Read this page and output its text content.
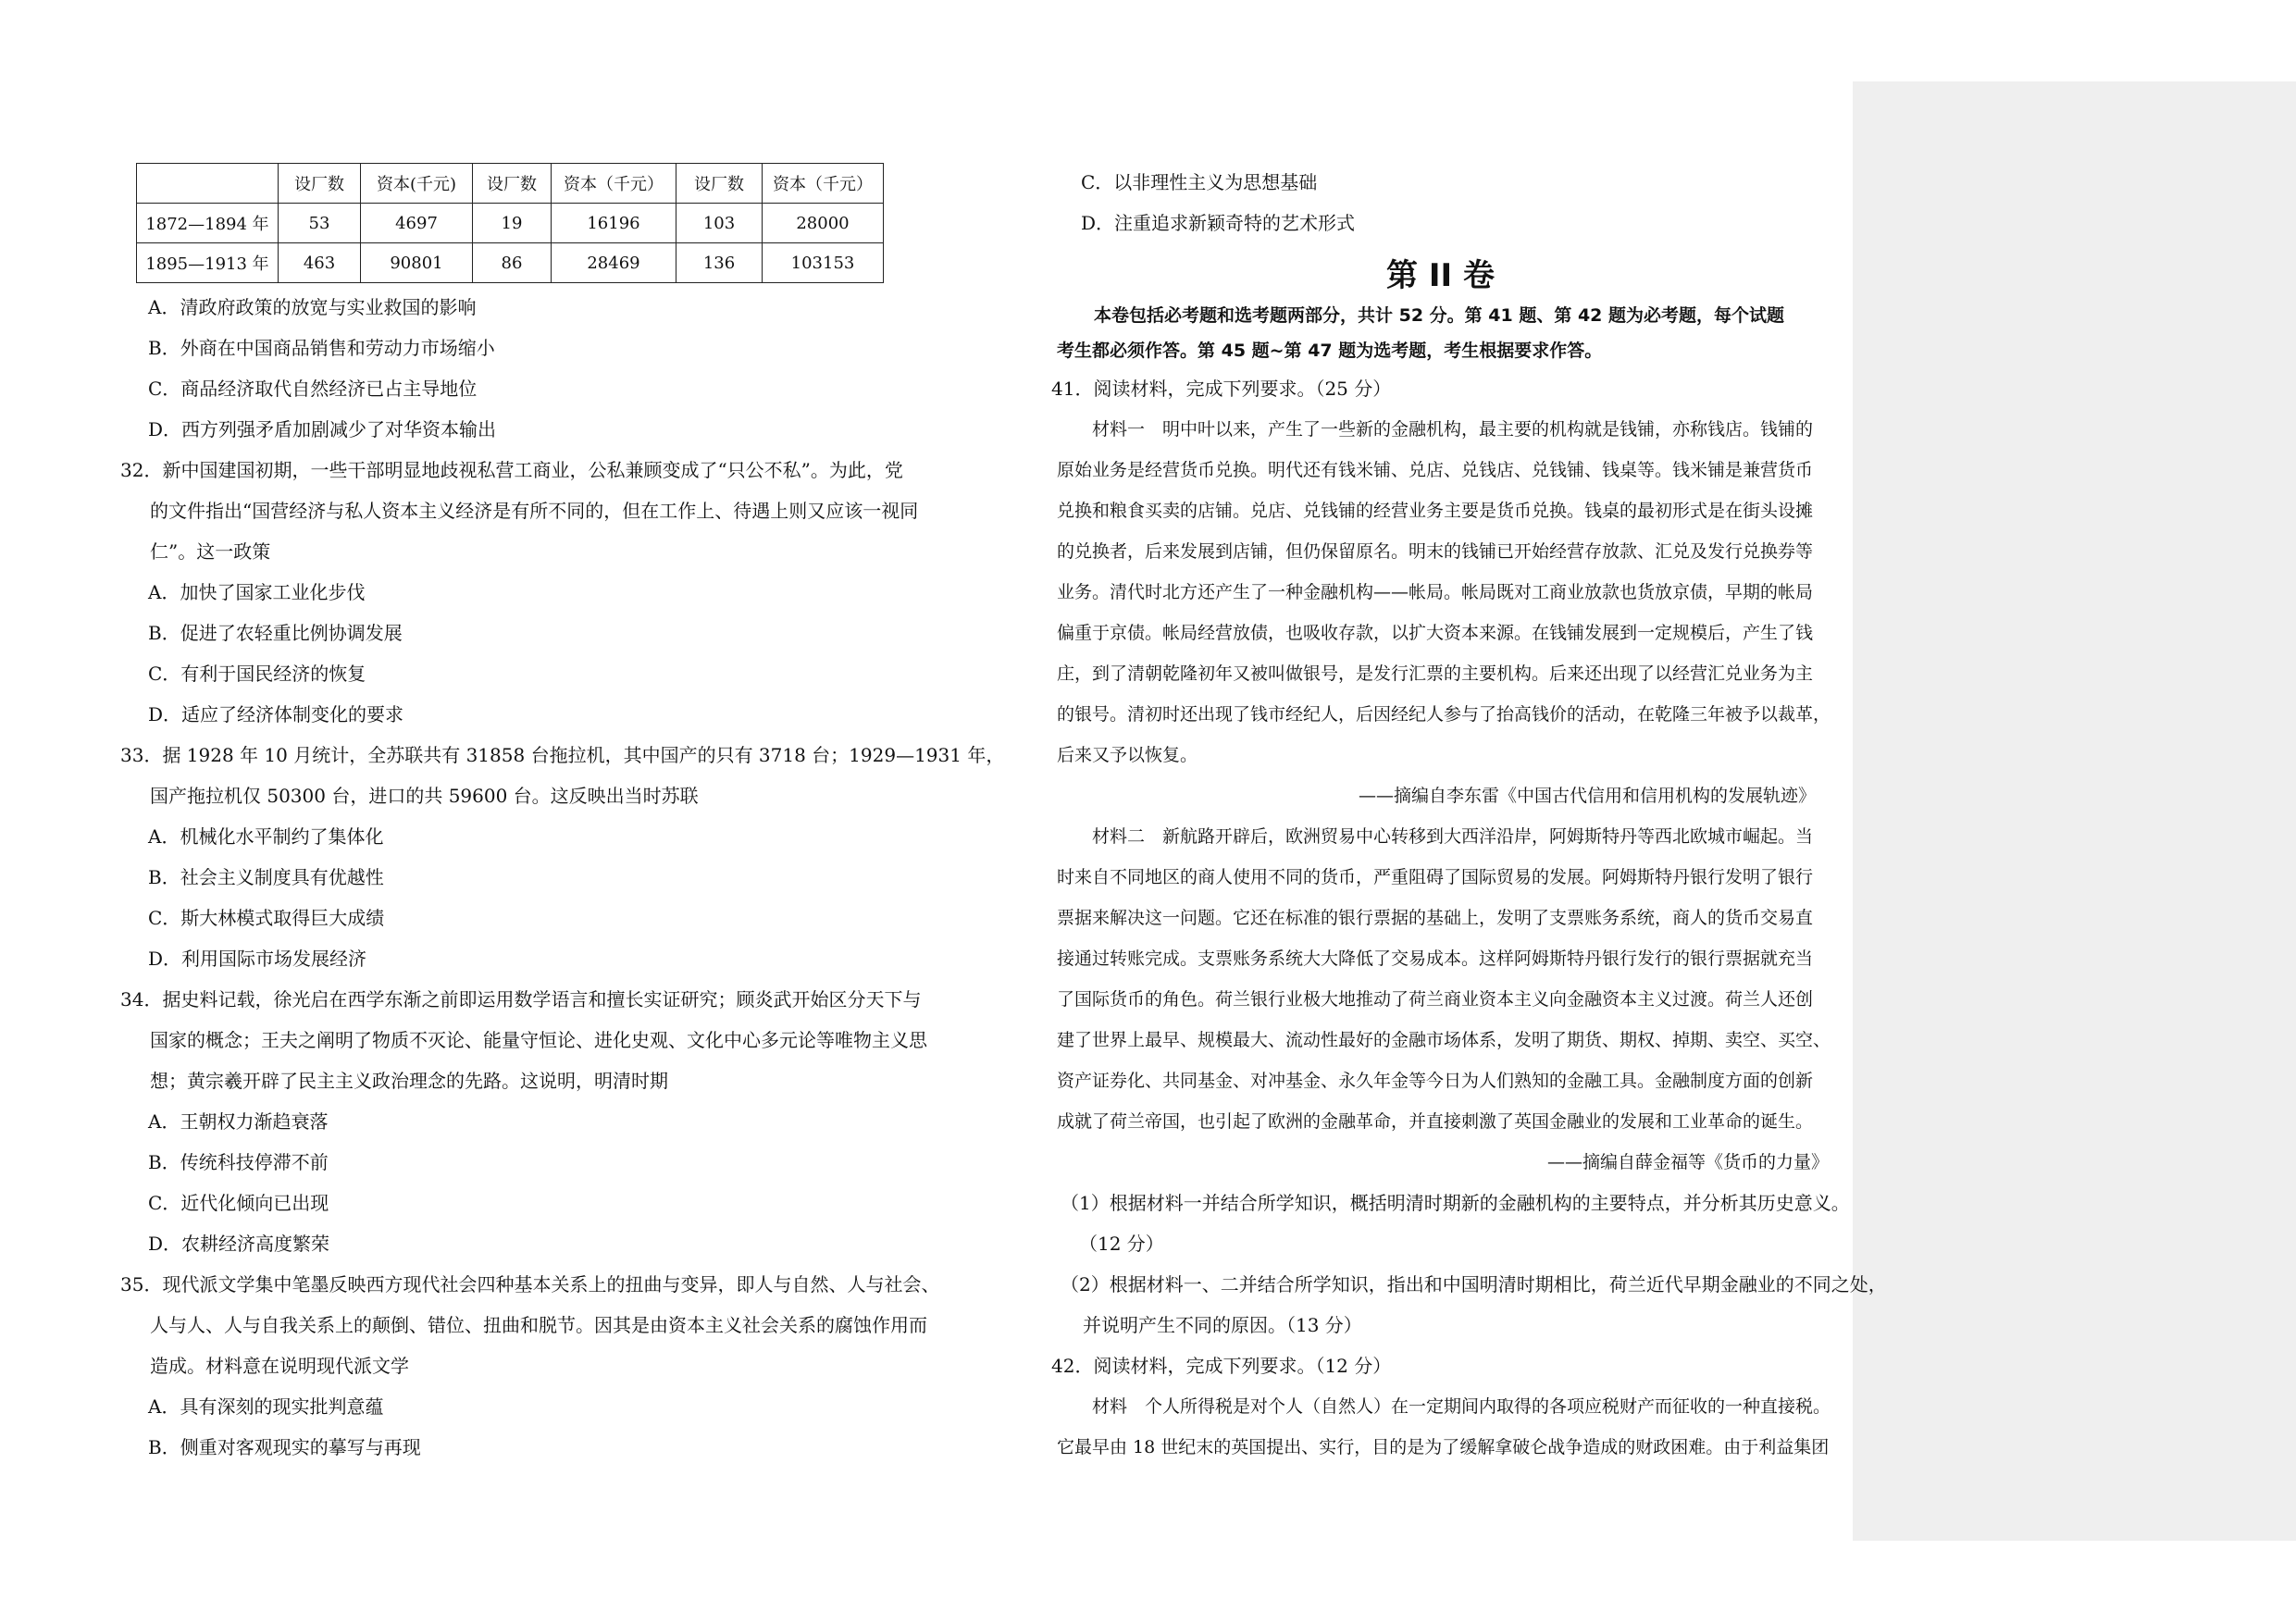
	设厂数	资本(千元)	设厂数	资本（千元）	设厂数	资本（千元）
1872—1894 年	53	4697	19	16196	103	28000
1895—1913 年	463	90801	86	28469	136	103153
A．清政府政策的放宽与实业救国的影响
B．外商在中国商品销售和劳动力市场缩小
C．商品经济取代自然经济已占主导地位
D．西方列强矛盾加剧减少了对华资本输出
32．新中国建国初期，一些干部明显地歧视私营工商业，公私兼顾变成了“只公不私”。为此，党
的文件指出“国营经济与私人资本主义经济是有所不同的，但在工作上、待遇上则又应该一视同
仁”。这一政策
A．加快了国家工业化步伐
B．促进了农轻重比例协调发展
C．有利于国民经济的恢复
D．适应了经济体制变化的要求
33．据 1928 年 10 月统计，全苏联共有 31858 台拖拉机，其中国产的只有 3718 台；1929—1931 年，
国产拖拉机仅 50300 台，进口的共 59600 台。这反映出当时苏联
A．机械化水平制约了集体化
B．社会主义制度具有优越性
C．斯大林模式取得巨大成绩
D．利用国际市场发展经济
34．据史料记载，徐光启在西学东渐之前即运用数学语言和擅长实证研究；顾炎武开始区分天下与
国家的概念；王夫之阐明了物质不灭论、能量守恒论、进化史观、文化中心多元论等唯物主义思
想；黄宗羲开辟了民主主义政治理念的先路。这说明，明清时期
A．王朝权力渐趋衰落
B．传统科技停滞不前
C．近代化倾向已出现
D．农耕经济高度繁荣
35．现代派文学集中笔墨反映西方现代社会四种基本关系上的扭曲与变异，即人与自然、人与社会、
人与人、人与自我关系上的颠倒、错位、扭曲和脱节。因其是由资本主义社会关系的腐蚀作用而
造成。材料意在说明现代派文学
A．具有深刻的现实批判意蕴
B．侧重对客观现实的摹写与再现
C．以非理性主义为思想基础
D．注重追求新颖奇特的艺术形式
第 II 卷
本卷包括必考题和选考题两部分，共计 52 分。第 41 题、第 42 题为必考题，每个试题
考生都必须作答。第 45 题~第 47 题为选考题，考生根据要求作答。
41．阅读材料，完成下列要求。（25 分）
材料一　明中叶以来，产生了一些新的金融机构，最主要的机构就是钱铺，亦称钱店。钱铺的
原始业务是经营货币兑换。明代还有钱米铺、兑店、兑钱店、兑钱铺、钱桌等。钱米铺是兼营货币
兑换和粮食买卖的店铺。兑店、兑钱铺的经营业务主要是货币兑换。钱桌的最初形式是在街头设摊
的兑换者，后来发展到店铺，但仍保留原名。明末的钱铺已开始经营存放款、汇兑及发行兑换券等
业务。清代时北方还产生了一种金融机构——帐局。帐局既对工商业放款也货放京债，早期的帐局
偏重于京债。帐局经营放债，也吸收存款，以扩大资本来源。在钱铺发展到一定规模后，产生了钱
庄，到了清朝乾隆初年又被叫做银号，是发行汇票的主要机构。后来还出现了以经营汇兑业务为主
的银号。清初时还出现了钱市经纪人，后因经纪人参与了抬高钱价的活动，在乾隆三年被予以裁革，
后来又予以恢复。
——摘编自李东雷《中国古代信用和信用机构的发展轨迹》
材料二　新航路开辟后，欧洲贸易中心转移到大西洋沿岸，阿姆斯特丹等西北欧城市崛起。当
时来自不同地区的商人使用不同的货币，严重阻碍了国际贸易的发展。阿姆斯特丹银行发明了银行
票据来解决这一问题。它还在标准的银行票据的基础上，发明了支票账务系统，商人的货币交易直
接通过转账完成。支票账务系统大大降低了交易成本。这样阿姆斯特丹银行发行的银行票据就充当
了国际货币的角色。荷兰银行业极大地推动了荷兰商业资本主义向金融资本主义过渡。荷兰人还创
建了世界上最早、规模最大、流动性最好的金融市场体系，发明了期货、期权、掉期、卖空、买空、
资产证券化、共同基金、对冲基金、永久年金等今日为人们熟知的金融工具。金融制度方面的创新
成就了荷兰帝国，也引起了欧洲的金融革命，并直接刺激了英国金融业的发展和工业革命的诞生。
——摘编自薛金福等《货币的力量》
（1）根据材料一并结合所学知识，概括明清时期新的金融机构的主要特点，并分析其历史意义。
（12 分）
（2）根据材料一、二并结合所学知识，指出和中国明清时期相比，荷兰近代早期金融业的不同之处，
并说明产生不同的原因。（13 分）
42．阅读材料，完成下列要求。（12 分）
材料　个人所得税是对个人（自然人）在一定期间内取得的各项应税财产而征收的一种直接税。
它最早由 18 世纪末的英国提出、实行，目的是为了缓解拿破仑战争造成的财政困难。由于利益集团
